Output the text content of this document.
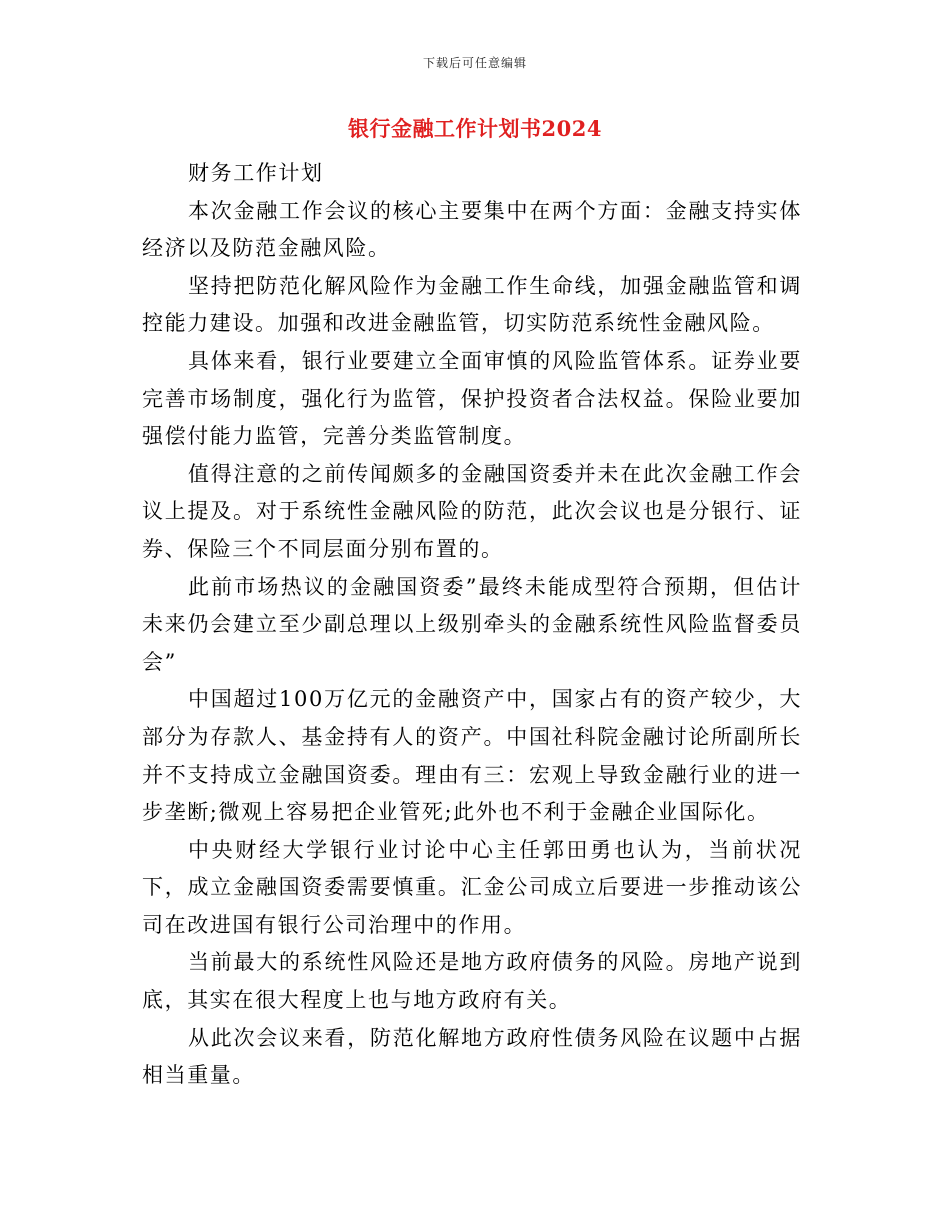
下载后可任意编辑
银行金融工作计划书2024

财务工作计划

本次金融工作会议的核心主要集中在两个方面：金融支持实体经济以及防范金融风险。

坚持把防范化解风险作为金融工作生命线，加强金融监管和调控能力建设。加强和改进金融监管，切实防范系统性金融风险。

具体来看，银行业要建立全面审慎的风险监管体系。证券业要完善市场制度，强化行为监管，保护投资者合法权益。保险业要加强偿付能力监管，完善分类监管制度。

值得注意的之前传闻颇多的金融国资委并未在此次金融工作会议上提及。对于系统性金融风险的防范，此次会议也是分银行、证券、保险三个不同层面分别布置的。

此前市场热议的金融国资委”最终未能成型符合预期，但估计未来仍会建立至少副总理以上级别牵头的金融系统性风险监督委员会”

中国超过100万亿元的金融资产中，国家占有的资产较少，大部分为存款人、基金持有人的资产。中国社科院金融讨论所副所长并不支持成立金融国资委。理由有三：宏观上导致金融行业的进一步垄断;微观上容易把企业管死;此外也不利于金融企业国际化。

中央财经大学银行业讨论中心主任郭田勇也认为，当前状况下，成立金融国资委需要慎重。汇金公司成立后要进一步推动该公司在改进国有银行公司治理中的作用。

当前最大的系统性风险还是地方政府债务的风险。房地产说到底，其实在很大程度上也与地方政府有关。

从此次会议来看，防范化解地方政府性债务风险在议题中占据相当重量。
